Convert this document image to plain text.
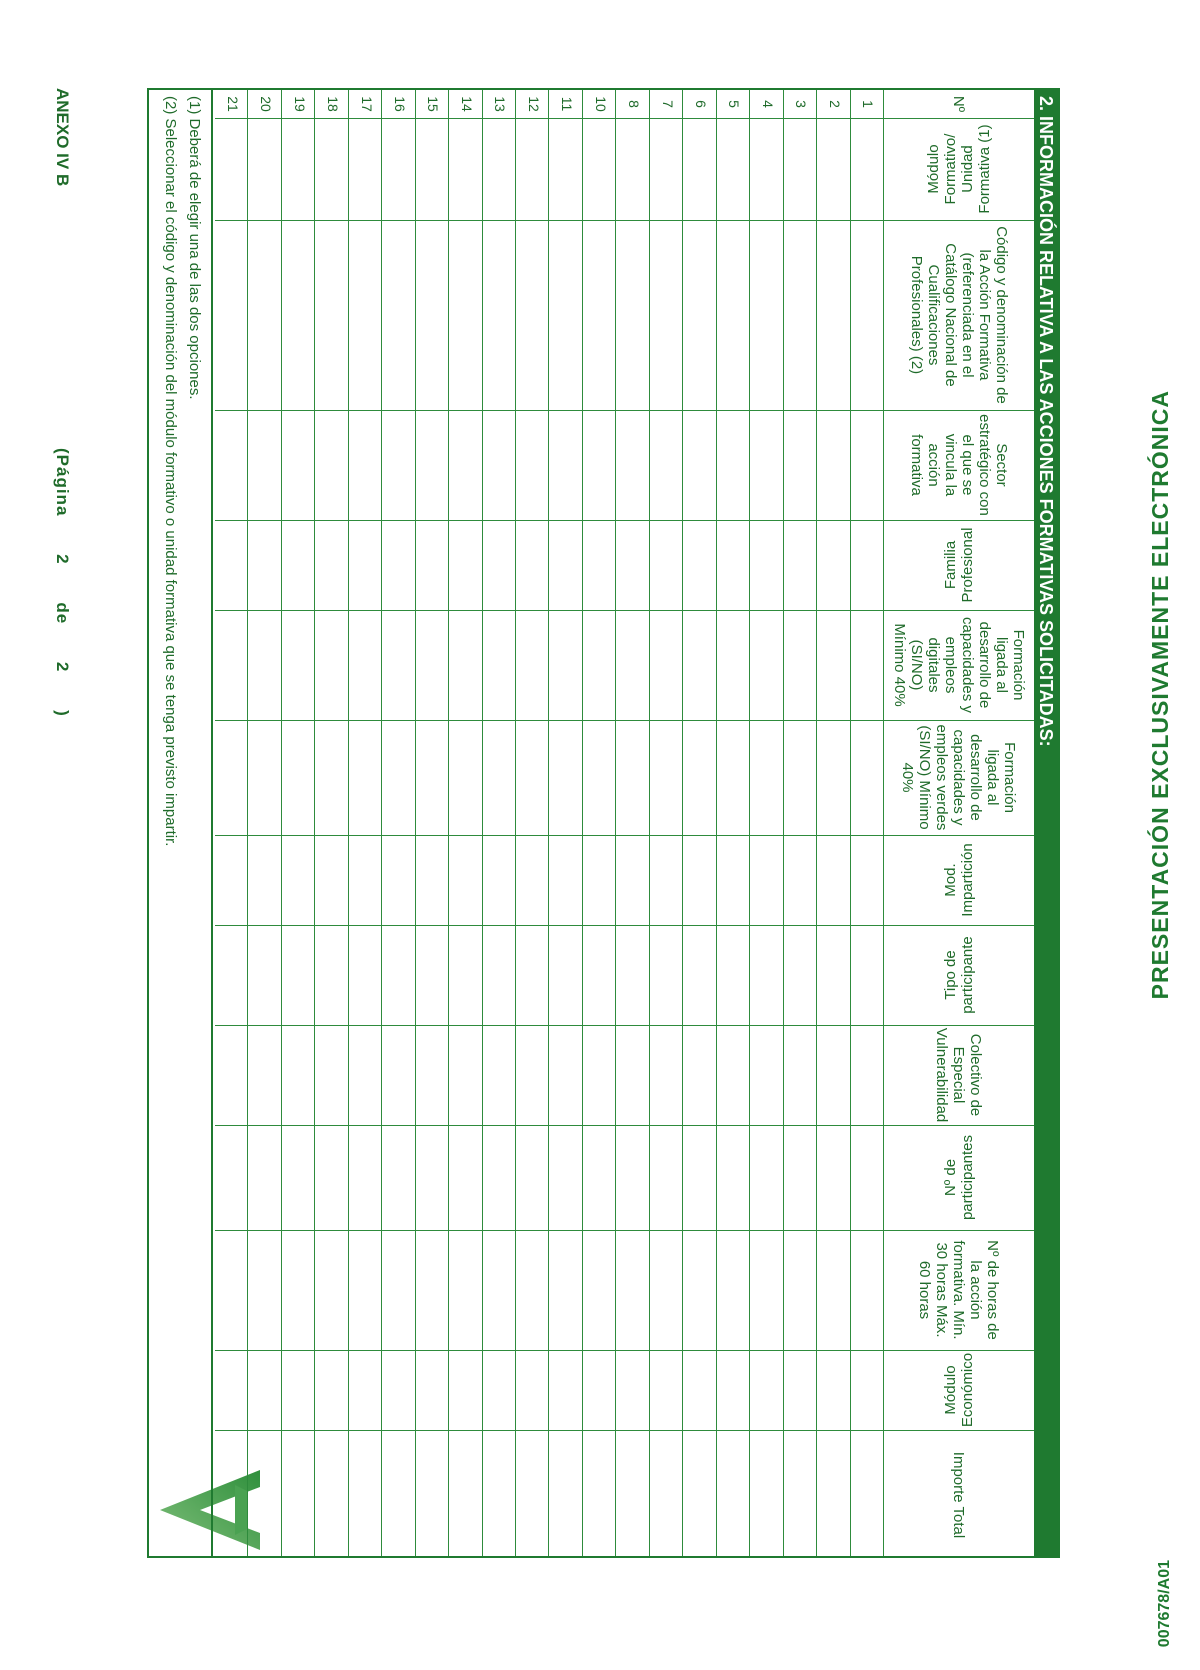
ANEXO IV B
(Página 2 de 2 )	2. INFORMACIÓN RELATIVA A LAS ACCIONES FORMATIVAS SOLICITADAS:
Nº
Módulo Formativo/ Unidad Formativa (1)
Código y denominación de la Acción Formativa (referenciada en el Catálogo Nacional de Cualificaciones Profesionales) (2)
Sector estratégico con el que se vincula la acción formativa
Familia Profesional
Formación ligada al desarrollo de capacidades y empleos digitales (SI/NO) Mínimo 40%
Formación ligada al desarrollo de capacidades y empleos verdes (SI/NO) Mínimo 40%
Mod. Impartición
Tipo de participante
Colectivo de Especial Vulnerabilidad
Nº de participantes
Nº de horas de la acción formativa. Mín. 30 horas Máx. 60 horas
Módulo Económico
Importe Total
1
2
3
4
5
6
7
8
10
11
12
13
14
15
16
17
18
19
20
21
(1) Deberá de elegir una de las dos opciones.
(2) Seleccionar el código y denominación del módulo formativo o unidad formativa que se tenga previsto impartir.	PRESENTACIÓN EXCLUSIVAMENTE ELECTRÓNICA
007678/A01
